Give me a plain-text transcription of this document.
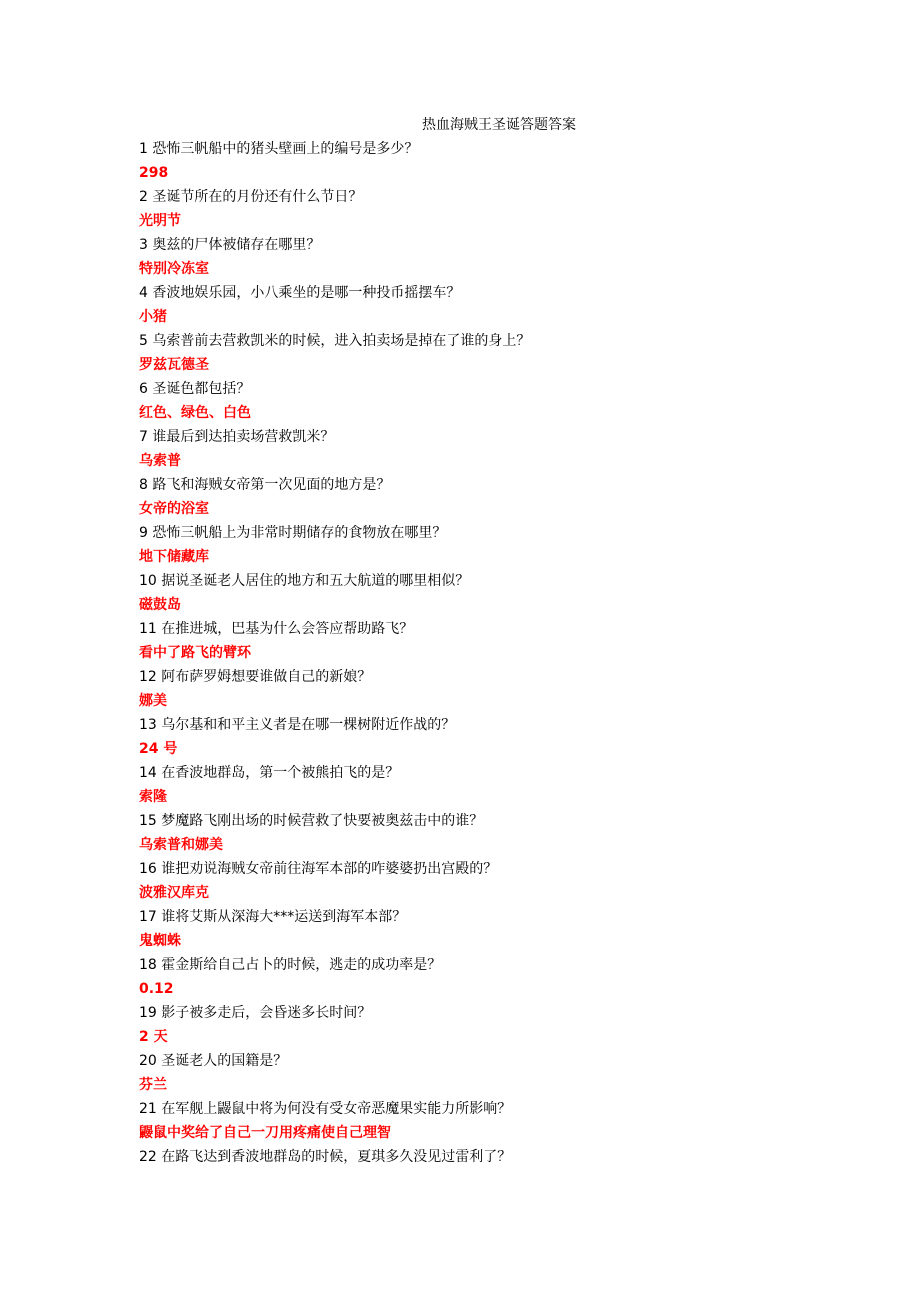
热血海贼王圣诞答题答案
1 恐怖三帆船中的猪头壁画上的编号是多少？
298
2 圣诞节所在的月份还有什么节日？
光明节
3 奥兹的尸体被储存在哪里？
特别冷冻室
4 香波地娱乐园，小八乘坐的是哪一种投币摇摆车？
小猪
5 乌索普前去营救凯米的时候，进入拍卖场是掉在了谁的身上？
罗兹瓦德圣
6 圣诞色都包括？
红色、绿色、白色
7 谁最后到达拍卖场营救凯米？
乌索普
8 路飞和海贼女帝第一次见面的地方是？
女帝的浴室
9 恐怖三帆船上为非常时期储存的食物放在哪里？
地下储藏库
10 据说圣诞老人居住的地方和五大航道的哪里相似？
磁鼓岛
11 在推进城，巴基为什么会答应帮助路飞？
看中了路飞的臂环
12 阿布萨罗姆想要谁做自己的新娘？
娜美
13 乌尔基和和平主义者是在哪一棵树附近作战的？
24 号
14 在香波地群岛，第一个被熊拍飞的是？
索隆
15 梦魔路飞刚出场的时候营救了快要被奥兹击中的谁？
乌索普和娜美
16 谁把劝说海贼女帝前往海军本部的咋婆婆扔出宫殿的？
波雅汉库克
17 谁将艾斯从深海大***运送到海军本部？
鬼蜘蛛
18 霍金斯给自己占卜的时候，逃走的成功率是？
0.12
19 影子被多走后，会昏迷多长时间？
2 天
20 圣诞老人的国籍是？
芬兰
21 在军舰上鼹鼠中将为何没有受女帝恶魔果实能力所影响？
鼹鼠中奖给了自己一刀用疼痛使自己理智
22 在路飞达到香波地群岛的时候，夏琪多久没见过雷利了？
